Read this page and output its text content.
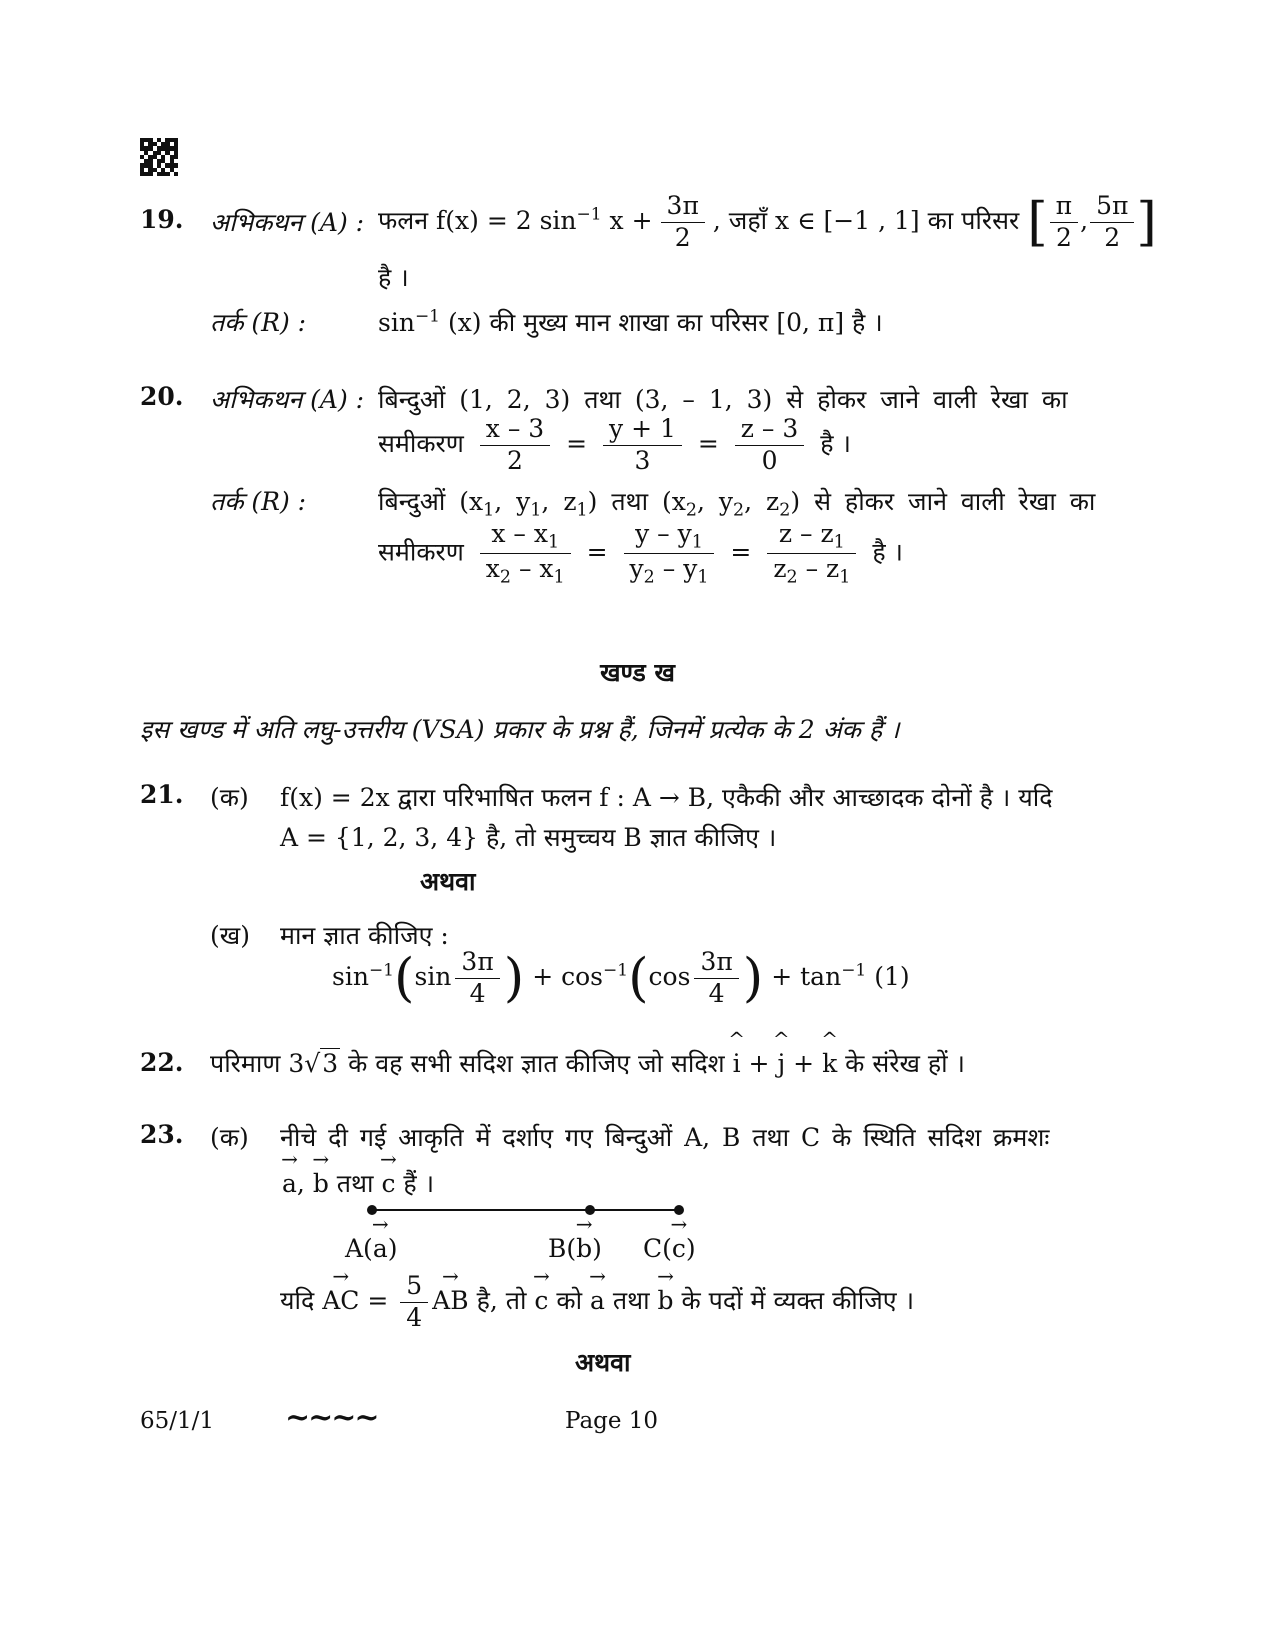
19. अभिकथन (A) : फलन f(x) = 2 $\sin^{-1} x + \frac{3\pi}{2}$ , जहाँ x ∈ [−1 , 1] का परिसर [ $\frac{\pi}{2}$ , $\frac{5\pi}{2}$ ]
है ।
तर्क (R) :	$\sin^{-1} (x)$ की मुख्य मान शाखा का परिसर [0, π] है ।
20. अभिकथन (A) : बिन्दुओं (1, 2, 3) तथा (3, – 1, 3) से होकर जाने वाली रेखा का
समीकरण $\frac{x - 3}{2} = \frac{y + 1}{3} = \frac{z - 3}{0}$ है ।
तर्क (R) :	बिन्दुओं ($x_1$, $y_1$, $z_1$) तथा ($x_2$, $y_2$, $z_2$) से होकर जाने वाली रेखा का
समीकरण $\frac{x - x_1}{x_2 - x_1} = \frac{y - y_1}{y_2 - y_1} = \frac{z - z_1}{z_2 - z_1}$ है ।
खण्ड ख
इस खण्ड में अति लघु-उत्तरीय (VSA) प्रकार के प्रश्न हैं, जिनमें प्रत्येक के 2 अंक हैं ।
21. (क) f(x) = 2x द्वारा परिभाषित फलन f : A → B, एकैकी और आच्छादक दोनों है । यदि
A = {1, 2, 3, 4} है, तो समुच्चय B ज्ञात कीजिए ।
अथवा
(ख) मान ज्ञात कीजिए :
$\sin^{-1}(\sin \frac{3\pi}{4}$ ) + $\cos^{-1}(\cos \frac{3\pi}{4}$ ) + $\tan^{-1} (1)$
22. परिमाण 3√3 के वह सभी सदिश ज्ञात कीजिए जो सदिश ^ i + ^ j + ^ k के संरेख हों ।
23. (क) नीचे दी गई आकृति में दर्शाए गए बिन्दुओं A, B तथा C के स्थिति सदिश क्रमशः
→ a, → b तथा → c हैं ।
A(→ a)	B(→ b) C(→ c)
यदि → AC = $\frac{5}{4}$ → AB है, तो → c को → a तथा → b के पदों में व्यक्त कीजिए ।
अथवा
65/1/1 ~~~~	Page 10
